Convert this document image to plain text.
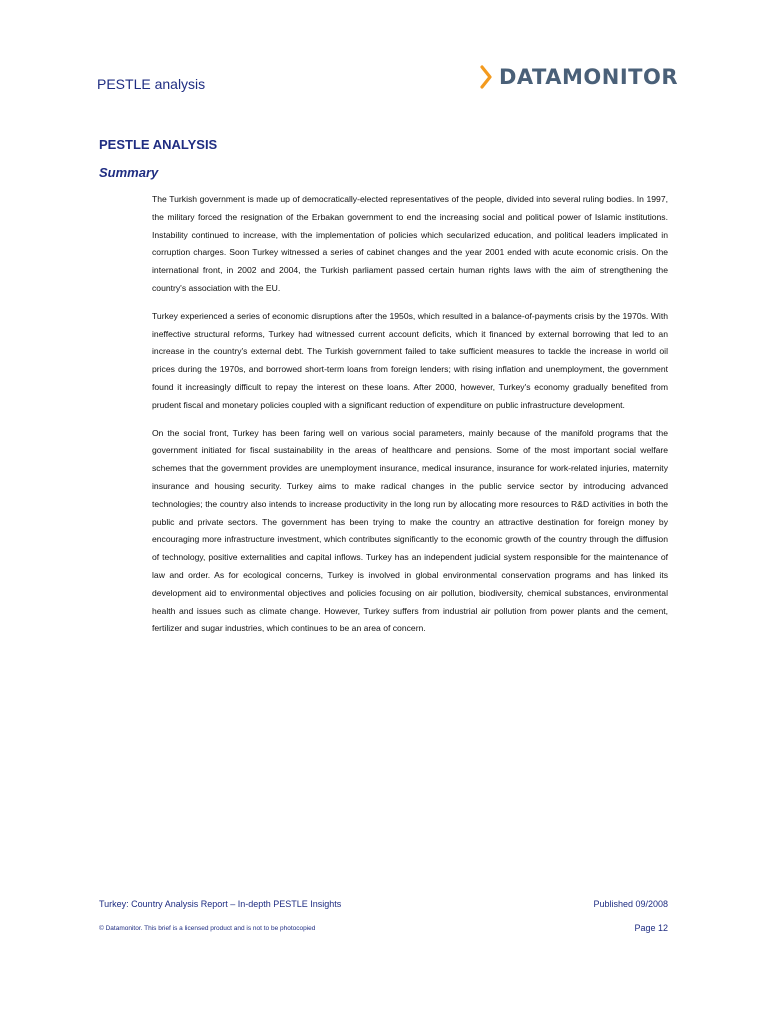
PESTLE analysis	DATAMONITOR
PESTLE ANALYSIS
Summary

The Turkish government is made up of democratically-elected representatives of the people, divided into several ruling bodies. In 1997, the military forced the resignation of the Erbakan government to end the increasing social and political power of Islamic institutions. Instability continued to increase, with the implementation of policies which secularized education, and political leaders implicated in corruption charges. Soon Turkey witnessed a series of cabinet changes and the year 2001 ended with acute economic crisis. On the international front, in 2002 and 2004, the Turkish parliament passed certain human rights laws with the aim of strengthening the country's association with the EU.

Turkey experienced a series of economic disruptions after the 1950s, which resulted in a balance-of-payments crisis by the 1970s. With ineffective structural reforms, Turkey had witnessed current account deficits, which it financed by external borrowing that led to an increase in the country's external debt. The Turkish government failed to take sufficient measures to tackle the increase in world oil prices during the 1970s, and borrowed short-term loans from foreign lenders; with rising inflation and unemployment, the government found it increasingly difficult to repay the interest on these loans. After 2000, however, Turkey's economy gradually benefited from prudent fiscal and monetary policies coupled with a significant reduction of expenditure on public infrastructure development.

On the social front, Turkey has been faring well on various social parameters, mainly because of the manifold programs that the government initiated for fiscal sustainability in the areas of healthcare and pensions. Some of the most important social welfare schemes that the government provides are unemployment insurance, medical insurance, insurance for work-related injuries, maternity insurance and housing security. Turkey aims to make radical changes in the public service sector by introducing advanced technologies; the country also intends to increase productivity in the long run by allocating more resources to R&D activities in both the public and private sectors. The government has been trying to make the country an attractive destination for foreign money by encouraging more infrastructure investment, which contributes significantly to the economic growth of the country through the diffusion of technology, positive externalities and capital inflows. Turkey has an independent judicial system responsible for the maintenance of law and order. As for ecological concerns, Turkey is involved in global environmental conservation programs and has linked its development aid to environmental objectives and policies focusing on air pollution, biodiversity, chemical substances, environmental health and issues such as climate change. However, Turkey suffers from industrial air pollution from power plants and the cement, fertilizer and sugar industries, which continues to be an area of concern.

Turkey: Country Analysis Report – In-depth PESTLE Insights	Published 09/2008
© Datamonitor. This brief is a licensed product and is not to be photocopied	Page 12
